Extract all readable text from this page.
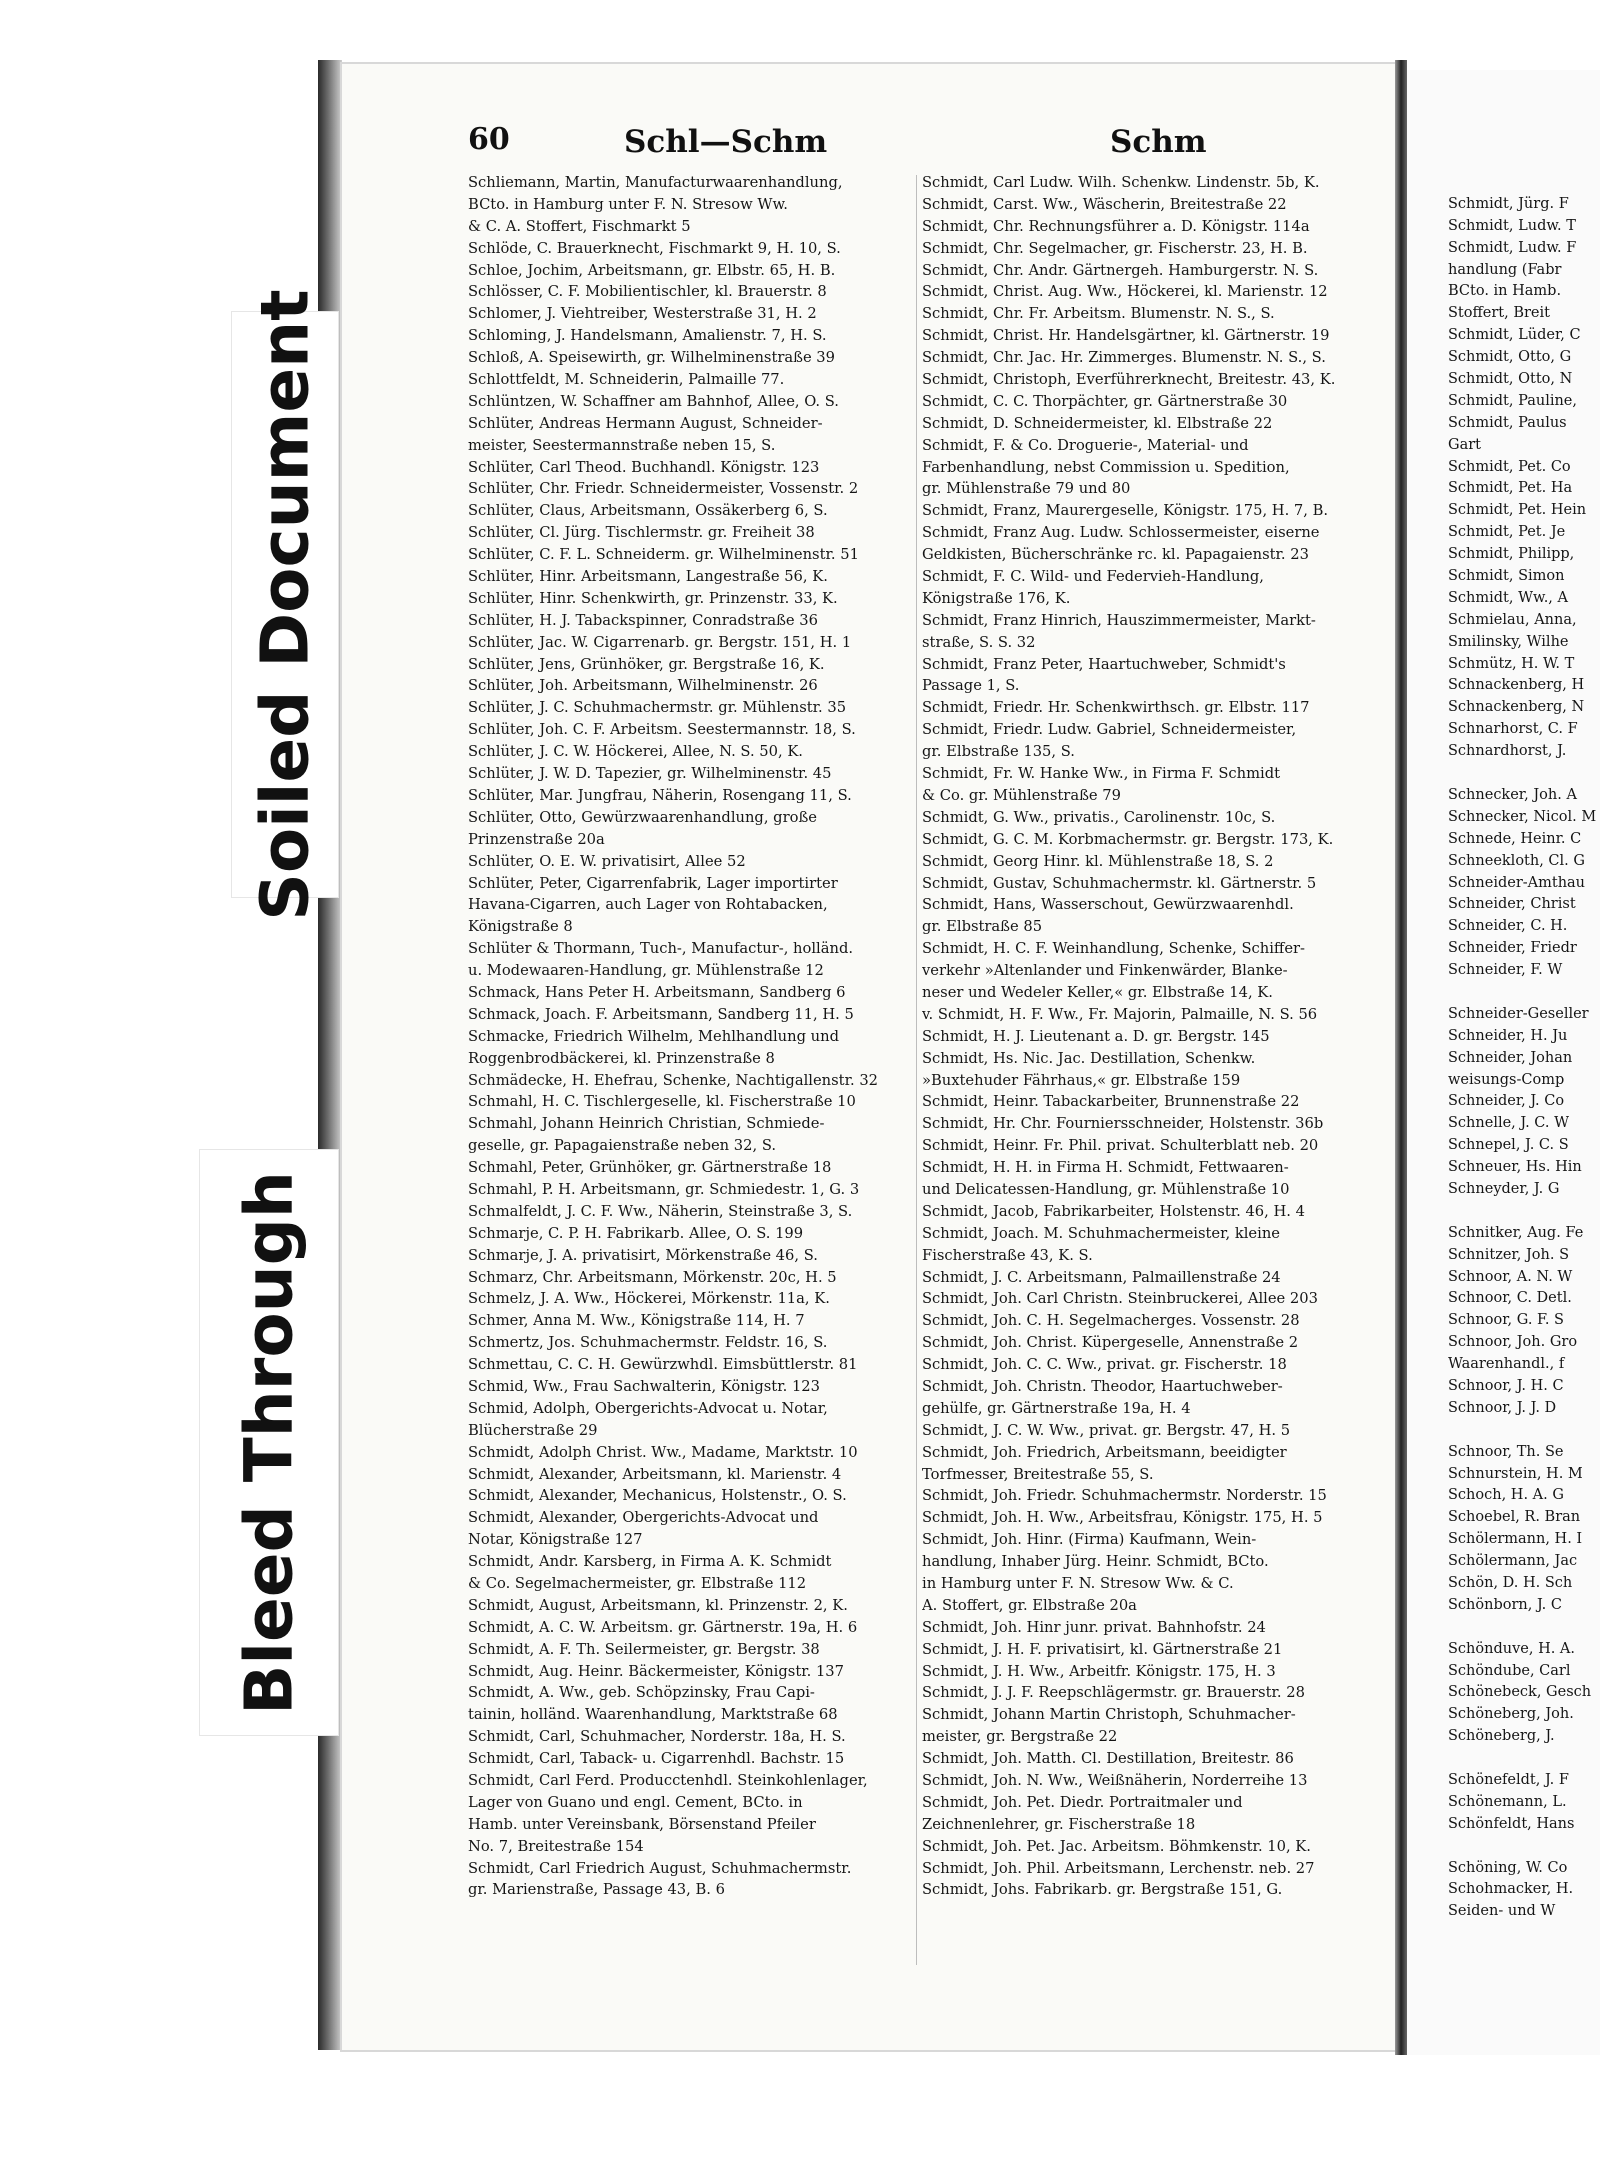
Soiled Document
Bleed Through
60	Schl—Schm	Schm
Schliemann, Martin, Manufacturwaarenhandlung,
BCto. in Hamburg unter F. N. Stresow Ww.
& C. A. Stoffert, Fischmarkt 5
Schlöde, C. Brauerknecht, Fischmarkt 9, H. 10, S.
Schloe, Jochim, Arbeitsmann, gr. Elbstr. 65, H. B.
Schlösser, C. F. Mobilientischler, kl. Brauerstr. 8
Schlomer, J. Viehtreiber, Westerstraße 31, H. 2
Schloming, J. Handelsmann, Amalienstr. 7, H. S.
Schloß, A. Speisewirth, gr. Wilhelminenstraße 39
Schlottfeldt, M. Schneiderin, Palmaille 77.
Schlüntzen, W. Schaffner am Bahnhof, Allee, O. S.
Schlüter, Andreas Hermann August, Schneider-
meister, Seestermannstraße neben 15, S.
Schlüter, Carl Theod. Buchhandl. Königstr. 123
Schlüter, Chr. Friedr. Schneidermeister, Vossenstr. 2
Schlüter, Claus, Arbeitsmann, Ossäkerberg 6, S.
Schlüter, Cl. Jürg. Tischlermstr. gr. Freiheit 38
Schlüter, C. F. L. Schneiderm. gr. Wilhelminenstr. 51
Schlüter, Hinr. Arbeitsmann, Langestraße 56, K.
Schlüter, Hinr. Schenkwirth, gr. Prinzenstr. 33, K.
Schlüter, H. J. Tabackspinner, Conradstraße 36
Schlüter, Jac. W. Cigarrenarb. gr. Bergstr. 151, H. 1
Schlüter, Jens, Grünhöker, gr. Bergstraße 16, K.
Schlüter, Joh. Arbeitsmann, Wilhelminenstr. 26
Schlüter, J. C. Schuhmachermstr. gr. Mühlenstr. 35
Schlüter, Joh. C. F. Arbeitsm. Seestermannstr. 18, S.
Schlüter, J. C. W. Höckerei, Allee, N. S. 50, K.
Schlüter, J. W. D. Tapezier, gr. Wilhelminenstr. 45
Schlüter, Mar. Jungfrau, Näherin, Rosengang 11, S.
Schlüter, Otto, Gewürzwaarenhandlung, große
Prinzenstraße 20a
Schlüter, O. E. W. privatisirt, Allee 52
Schlüter, Peter, Cigarrenfabrik, Lager importirter
Havana-Cigarren, auch Lager von Rohtabacken,
Königstraße 8
Schlüter & Thormann, Tuch-, Manufactur-, holländ.
u. Modewaaren-Handlung, gr. Mühlenstraße 12
Schmack, Hans Peter H. Arbeitsmann, Sandberg 6
Schmack, Joach. F. Arbeitsmann, Sandberg 11, H. 5
Schmacke, Friedrich Wilhelm, Mehlhandlung und
Roggenbrodbäckerei, kl. Prinzenstraße 8
Schmädecke, H. Ehefrau, Schenke, Nachtigallenstr. 32
Schmahl, H. C. Tischlergeselle, kl. Fischerstraße 10
Schmahl, Johann Heinrich Christian, Schmiede-
geselle, gr. Papagaienstraße neben 32, S.
Schmahl, Peter, Grünhöker, gr. Gärtnerstraße 18
Schmahl, P. H. Arbeitsmann, gr. Schmiedestr. 1, G. 3
Schmalfeldt, J. C. F. Ww., Näherin, Steinstraße 3, S.
Schmarje, C. P. H. Fabrikarb. Allee, O. S. 199
Schmarje, J. A. privatisirt, Mörkenstraße 46, S.
Schmarz, Chr. Arbeitsmann, Mörkenstr. 20c, H. 5
Schmelz, J. A. Ww., Höckerei, Mörkenstr. 11a, K.
Schmer, Anna M. Ww., Königstraße 114, H. 7
Schmertz, Jos. Schuhmachermstr. Feldstr. 16, S.
Schmettau, C. C. H. Gewürzwhdl. Eimsbüttlerstr. 81
Schmid, Ww., Frau Sachwalterin, Königstr. 123
Schmid, Adolph, Obergerichts-Advocat u. Notar,
Blücherstraße 29
Schmidt, Adolph Christ. Ww., Madame, Marktstr. 10
Schmidt, Alexander, Arbeitsmann, kl. Marienstr. 4
Schmidt, Alexander, Mechanicus, Holstenstr., O. S.
Schmidt, Alexander, Obergerichts-Advocat und
Notar, Königstraße 127
Schmidt, Andr. Karsberg, in Firma A. K. Schmidt
& Co. Segelmachermeister, gr. Elbstraße 112
Schmidt, August, Arbeitsmann, kl. Prinzenstr. 2, K.
Schmidt, A. C. W. Arbeitsm. gr. Gärtnerstr. 19a, H. 6
Schmidt, A. F. Th. Seilermeister, gr. Bergstr. 38
Schmidt, Aug. Heinr. Bäckermeister, Königstr. 137
Schmidt, A. Ww., geb. Schöpzinsky, Frau Capi-
tainin, holländ. Waarenhandlung, Marktstraße 68
Schmidt, Carl, Schuhmacher, Norderstr. 18a, H. S.
Schmidt, Carl, Taback- u. Cigarrenhdl. Bachstr. 15
Schmidt, Carl Ferd. Producctenhdl. Steinkohlenlager,
Lager von Guano und engl. Cement, BCto. in
Hamb. unter Vereinsbank, Börsenstand Pfeiler
No. 7, Breitestraße 154
Schmidt, Carl Friedrich August, Schuhmachermstr.
gr. Marienstraße, Passage 43, B. 6
Schmidt, Carl Ludw. Wilh. Schenkw. Lindenstr. 5b, K.
Schmidt, Carst. Ww., Wäscherin, Breitestraße 22
Schmidt, Chr. Rechnungsführer a. D. Königstr. 114a
Schmidt, Chr. Segelmacher, gr. Fischerstr. 23, H. B.
Schmidt, Chr. Andr. Gärtnergeh. Hamburgerstr. N. S.
Schmidt, Christ. Aug. Ww., Höckerei, kl. Marienstr. 12
Schmidt, Chr. Fr. Arbeitsm. Blumenstr. N. S., S.
Schmidt, Christ. Hr. Handelsgärtner, kl. Gärtnerstr. 19
Schmidt, Chr. Jac. Hr. Zimmerges. Blumenstr. N. S., S.
Schmidt, Christoph, Everführerknecht, Breitestr. 43, K.
Schmidt, C. C. Thorpächter, gr. Gärtnerstraße 30
Schmidt, D. Schneidermeister, kl. Elbstraße 22
Schmidt, F. & Co. Droguerie-, Material- und
Farbenhandlung, nebst Commission u. Spedition,
gr. Mühlenstraße 79 und 80
Schmidt, Franz, Maurergeselle, Königstr. 175, H. 7, B.
Schmidt, Franz Aug. Ludw. Schlossermeister, eiserne
Geldkisten, Bücherschränke rc. kl. Papagaienstr. 23
Schmidt, F. C. Wild- und Federvieh-Handlung,
Königstraße 176, K.
Schmidt, Franz Hinrich, Hauszimmermeister, Markt-
straße, S. S. 32
Schmidt, Franz Peter, Haartuchweber, Schmidt's
Passage 1, S.
Schmidt, Friedr. Hr. Schenkwirthsch. gr. Elbstr. 117
Schmidt, Friedr. Ludw. Gabriel, Schneidermeister,
gr. Elbstraße 135, S.
Schmidt, Fr. W. Hanke Ww., in Firma F. Schmidt
& Co. gr. Mühlenstraße 79
Schmidt, G. Ww., privatis., Carolinenstr. 10c, S.
Schmidt, G. C. M. Korbmachermstr. gr. Bergstr. 173, K.
Schmidt, Georg Hinr. kl. Mühlenstraße 18, S. 2
Schmidt, Gustav, Schuhmachermstr. kl. Gärtnerstr. 5
Schmidt, Hans, Wasserschout, Gewürzwaarenhdl.
gr. Elbstraße 85
Schmidt, H. C. F. Weinhandlung, Schenke, Schiffer-
verkehr »Altenlander und Finkenwärder, Blanke-
neser und Wedeler Keller,« gr. Elbstraße 14, K.
v. Schmidt, H. F. Ww., Fr. Majorin, Palmaille, N. S. 56
Schmidt, H. J. Lieutenant a. D. gr. Bergstr. 145
Schmidt, Hs. Nic. Jac. Destillation, Schenkw.
»Buxtehuder Fährhaus,« gr. Elbstraße 159
Schmidt, Heinr. Tabackarbeiter, Brunnenstraße 22
Schmidt, Hr. Chr. Fourniersschneider, Holstenstr. 36b
Schmidt, Heinr. Fr. Phil. privat. Schulterblatt neb. 20
Schmidt, H. H. in Firma H. Schmidt, Fettwaaren-
und Delicatessen-Handlung, gr. Mühlenstraße 10
Schmidt, Jacob, Fabrikarbeiter, Holstenstr. 46, H. 4
Schmidt, Joach. M. Schuhmachermeister, kleine
Fischerstraße 43, K. S.
Schmidt, J. C. Arbeitsmann, Palmaillenstraße 24
Schmidt, Joh. Carl Christn. Steinbruckerei, Allee 203
Schmidt, Joh. C. H. Segelmacherges. Vossenstr. 28
Schmidt, Joh. Christ. Küpergeselle, Annenstraße 2
Schmidt, Joh. C. C. Ww., privat. gr. Fischerstr. 18
Schmidt, Joh. Christn. Theodor, Haartuchweber-
gehülfe, gr. Gärtnerstraße 19a, H. 4
Schmidt, J. C. W. Ww., privat. gr. Bergstr. 47, H. 5
Schmidt, Joh. Friedrich, Arbeitsmann, beeidigter
Torfmesser, Breitestraße 55, S.
Schmidt, Joh. Friedr. Schuhmachermstr. Norderstr. 15
Schmidt, Joh. H. Ww., Arbeitsfrau, Königstr. 175, H. 5
Schmidt, Joh. Hinr. (Firma) Kaufmann, Wein-
handlung, Inhaber Jürg. Heinr. Schmidt, BCto.
in Hamburg unter F. N. Stresow Ww. & C.
A. Stoffert, gr. Elbstraße 20a
Schmidt, Joh. Hinr junr. privat. Bahnhofstr. 24
Schmidt, J. H. F. privatisirt, kl. Gärtnerstraße 21
Schmidt, J. H. Ww., Arbeitfr. Königstr. 175, H. 3
Schmidt, J. J. F. Reepschlägermstr. gr. Brauerstr. 28
Schmidt, Johann Martin Christoph, Schuhmacher-
meister, gr. Bergstraße 22
Schmidt, Joh. Matth. Cl. Destillation, Breitestr. 86
Schmidt, Joh. N. Ww., Weißnäherin, Norderreihe 13
Schmidt, Joh. Pet. Diedr. Portraitmaler und
Zeichnenlehrer, gr. Fischerstraße 18
Schmidt, Joh. Pet. Jac. Arbeitsm. Böhmkenstr. 10, K.
Schmidt, Joh. Phil. Arbeitsmann, Lerchenstr. neb. 27
Schmidt, Johs. Fabrikarb. gr. Bergstraße 151, G.
Schmidt, Jürg. F
Schmidt, Ludw. T
Schmidt, Ludw. F
handlung (Fabr
BCto. in Hamb.
Stoffert, Breit
Schmidt, Lüder, C
Schmidt, Otto, G
Schmidt, Otto, N
Schmidt, Pauline,
Schmidt, Paulus
Gart
Schmidt, Pet. Co
Schmidt, Pet. Ha
Schmidt, Pet. Hein
Schmidt, Pet. Je
Schmidt, Philipp,
Schmidt, Simon
Schmidt, Ww., A
Schmielau, Anna,
Smilinsky, Wilhe
Schmütz, H. W. T
Schnackenberg, H
Schnackenberg, N
Schnarhorst, C. F
Schnardhorst, J.
Schnecker, Joh. A
Schnecker, Nicol. M
Schnede, Heinr. C
Schneekloth, Cl. G
Schneider-Amthau
Schneider, Christ
Schneider, C. H.
Schneider, Friedr
Schneider, F. W
Schneider-Geseller
Schneider, H. Ju
Schneider, Johan
weisungs-Comp
Schneider, J. Co
Schnelle, J. C. W
Schnepel, J. C. S
Schneuer, Hs. Hin
Schneyder, J. G
Schnitker, Aug. Fe
Schnitzer, Joh. S
Schnoor, A. N. W
Schnoor, C. Detl.
Schnoor, G. F. S
Schnoor, Joh. Gro
Waarenhandl., f
Schnoor, J. H. C
Schnoor, J. J. D
Schnoor, Th. Se
Schnurstein, H. M
Schoch, H. A. G
Schoebel, R. Bran
Schölermann, H. I
Schölermann, Jac
Schön, D. H. Sch
Schönborn, J. C
Schönduve, H. A.
Schöndube, Carl
Schönebeck, Gesch
Schöneberg, Joh.
Schöneberg, J.
Schönefeldt, J. F
Schönemann, L.
Schönfeldt, Hans
Schöning, W. Co
Schohmacker, H.
Seiden- und W
